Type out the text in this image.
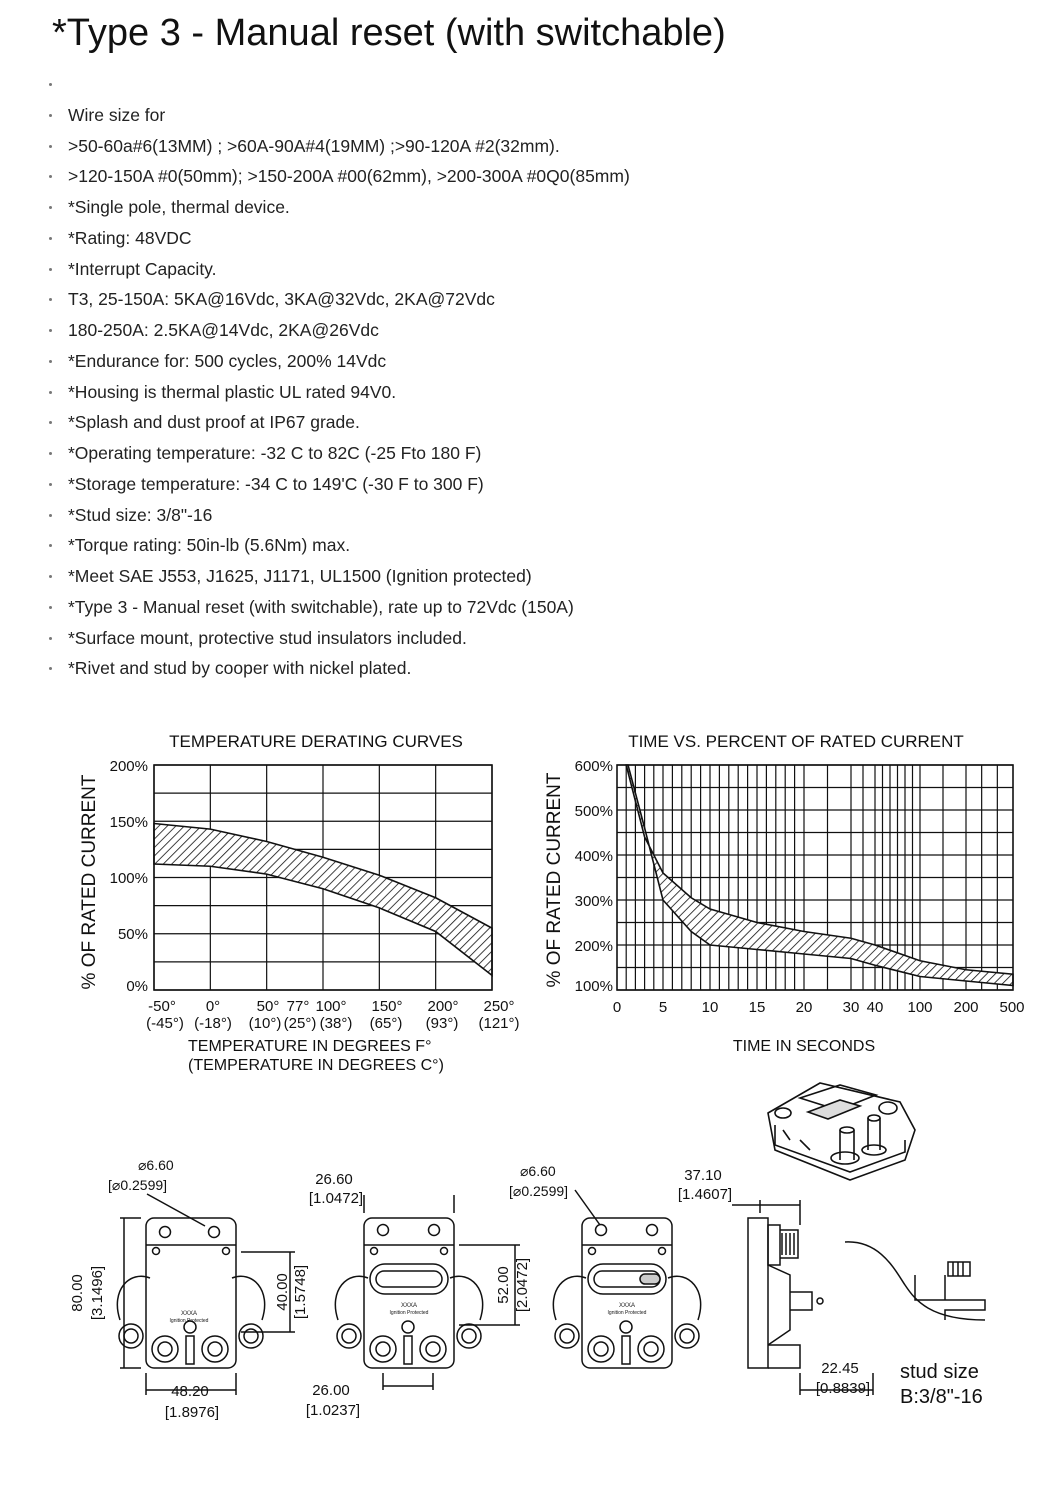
*Type 3 - Manual reset (with switchable)
Wire size for
>50-60a#6(13MM) ; >60A-90A#4(19MM) ;>90-120A #2(32mm).
>120-150A #0(50mm); >150-200A #00(62mm), >200-300A #0Q0(85mm)
*Single pole, thermal device.
*Rating: 48VDC
*Interrupt Capacity.
T3, 25-150A: 5KA@16Vdc, 3KA@32Vdc, 2KA@72Vdc
180-250A: 2.5KA@14Vdc, 2KA@26Vdc
*Endurance for: 500 cycles, 200% 14Vdc
*Housing is thermal plastic UL rated 94V0.
*Splash and dust proof at IP67 grade.
*Operating temperature: -32 C to 82C (-25 Fto 180 F)
*Storage temperature: -34 C to 149'C (-30 F to 300 F)
*Stud size: 3/8"-16
*Torque rating: 50in-lb (5.6Nm) max.
*Meet SAE J553, J1625, J1171, UL1500 (Ignition protected)
*Type 3 - Manual reset (with switchable), rate up to 72Vdc (150A)
*Surface mount, protective stud insulators included.
*Rivet and stud by cooper with nickel plated.
TEMPERATURE DERATING CURVES
% OF RATED CURRENT
200%
150%
100%
50%
0%
-50° 0° 50° 77° 100° 150° 200° 250°
(-45°) (-18°) (10°) (25°) (38°) (65°) (93°) (121°)
TEMPERATURE IN DEGREES F°
(TEMPERATURE IN DEGREES C°)
TIME VS. PERCENT OF RATED CURRENT
% OF RATED CURRENT
600%
500%
400%
300%
200%
100%
0	5 10 15 20 30 40 100 200 500
TIME IN SECONDS
XXXA
Ignition Protected
XXXA
Ignition Protected
XXXA
Ignition Protected
⌀6.60
[⌀0.2599]
80.00 [3.1496]	40.00 [1.5748]
48.20
[1.8976]
26.60
[1.0472]
52.00 [2.0472]
26.00
[1.0237]
⌀6.60
[⌀0.2599]
37.10
[1.4607]
22.45
[0.8839]
stud size
B:3/8"-16
